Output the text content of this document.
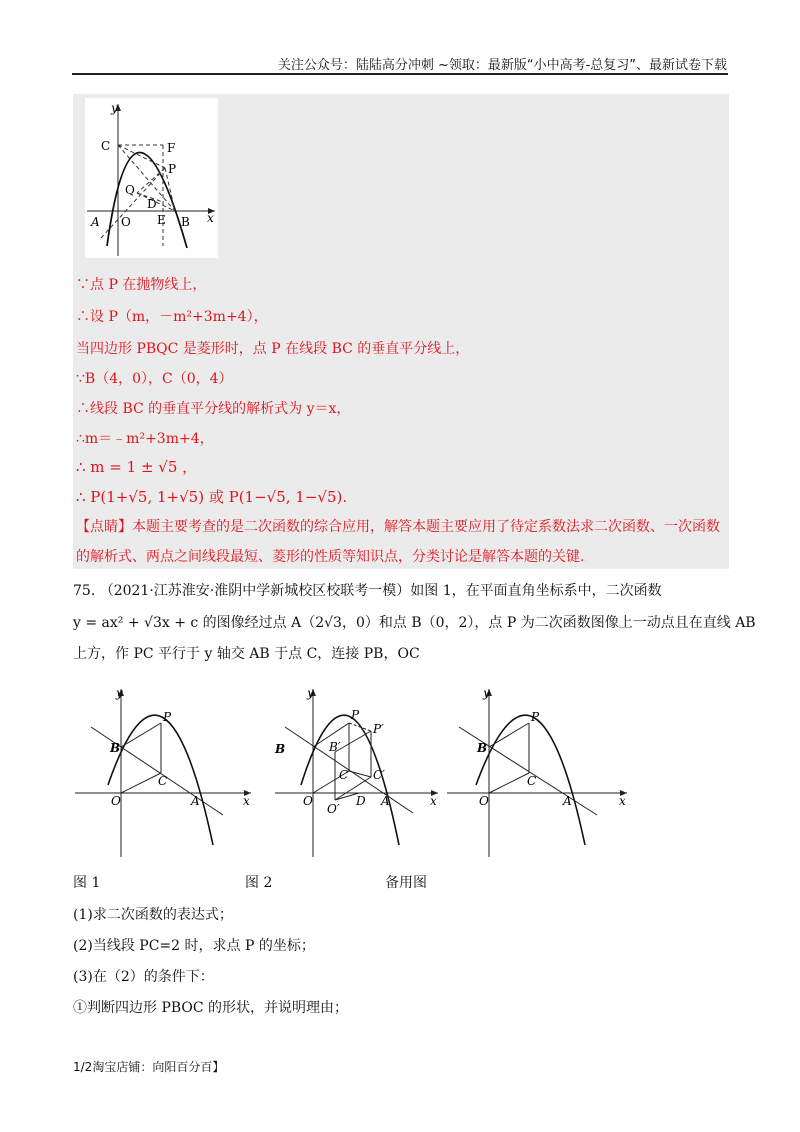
关注公众号：陆陆高分冲刺 ~领取：最新版“小中高考-总复习”、最新试卷下载
y
x
C	F
P
Q
D
A O E B
∵点 P 在抛物线上，
∴设 P（m，－m²+3m+4），
当四边形 PBQC 是菱形时，点 P 在线段 BC 的垂直平分线上，
∵B（4，0），C（0，4）
∴线段 BC 的垂直平分线的解析式为 y＝x，
∴m＝﹣m²+3m+4，
∴ m = 1 ± √5 ，
∴ P(1+√5, 1+√5) 或 P(1−√5, 1−√5).
【点睛】本题主要考查的是二次函数的综合应用，解答本题主要应用了待定系数法求二次函数、一次函数
的解析式、两点之间线段最短、菱形的性质等知识点，分类讨论是解答本题的关键.
75. （2021·江苏淮安·淮阴中学新城校区校联考一模）如图 1，在平面直角坐标系中，二次函数
y = ax² + √3x + c 的图像经过点 A（2√3，0）和点 B（0，2），点 P 为二次函数图像上一动点且在直线 AB
上方，作 PC 平行于 y 轴交 AB 于点 C，连接 PB，OC
y
x
B
P
C
O	A
y
x
B
P
P′
B′
C C′
O	D A
O′
y
x
B
P
C
O	A
图 1	图 2	备用图
(1)求二次函数的表达式；
(2)当线段 PC=2 时，求点 P 的坐标；
(3)在（2）的条件下：
①判断四边形 PBOC 的形状，并说明理由；
1/2淘宝店铺：向阳百分百】
